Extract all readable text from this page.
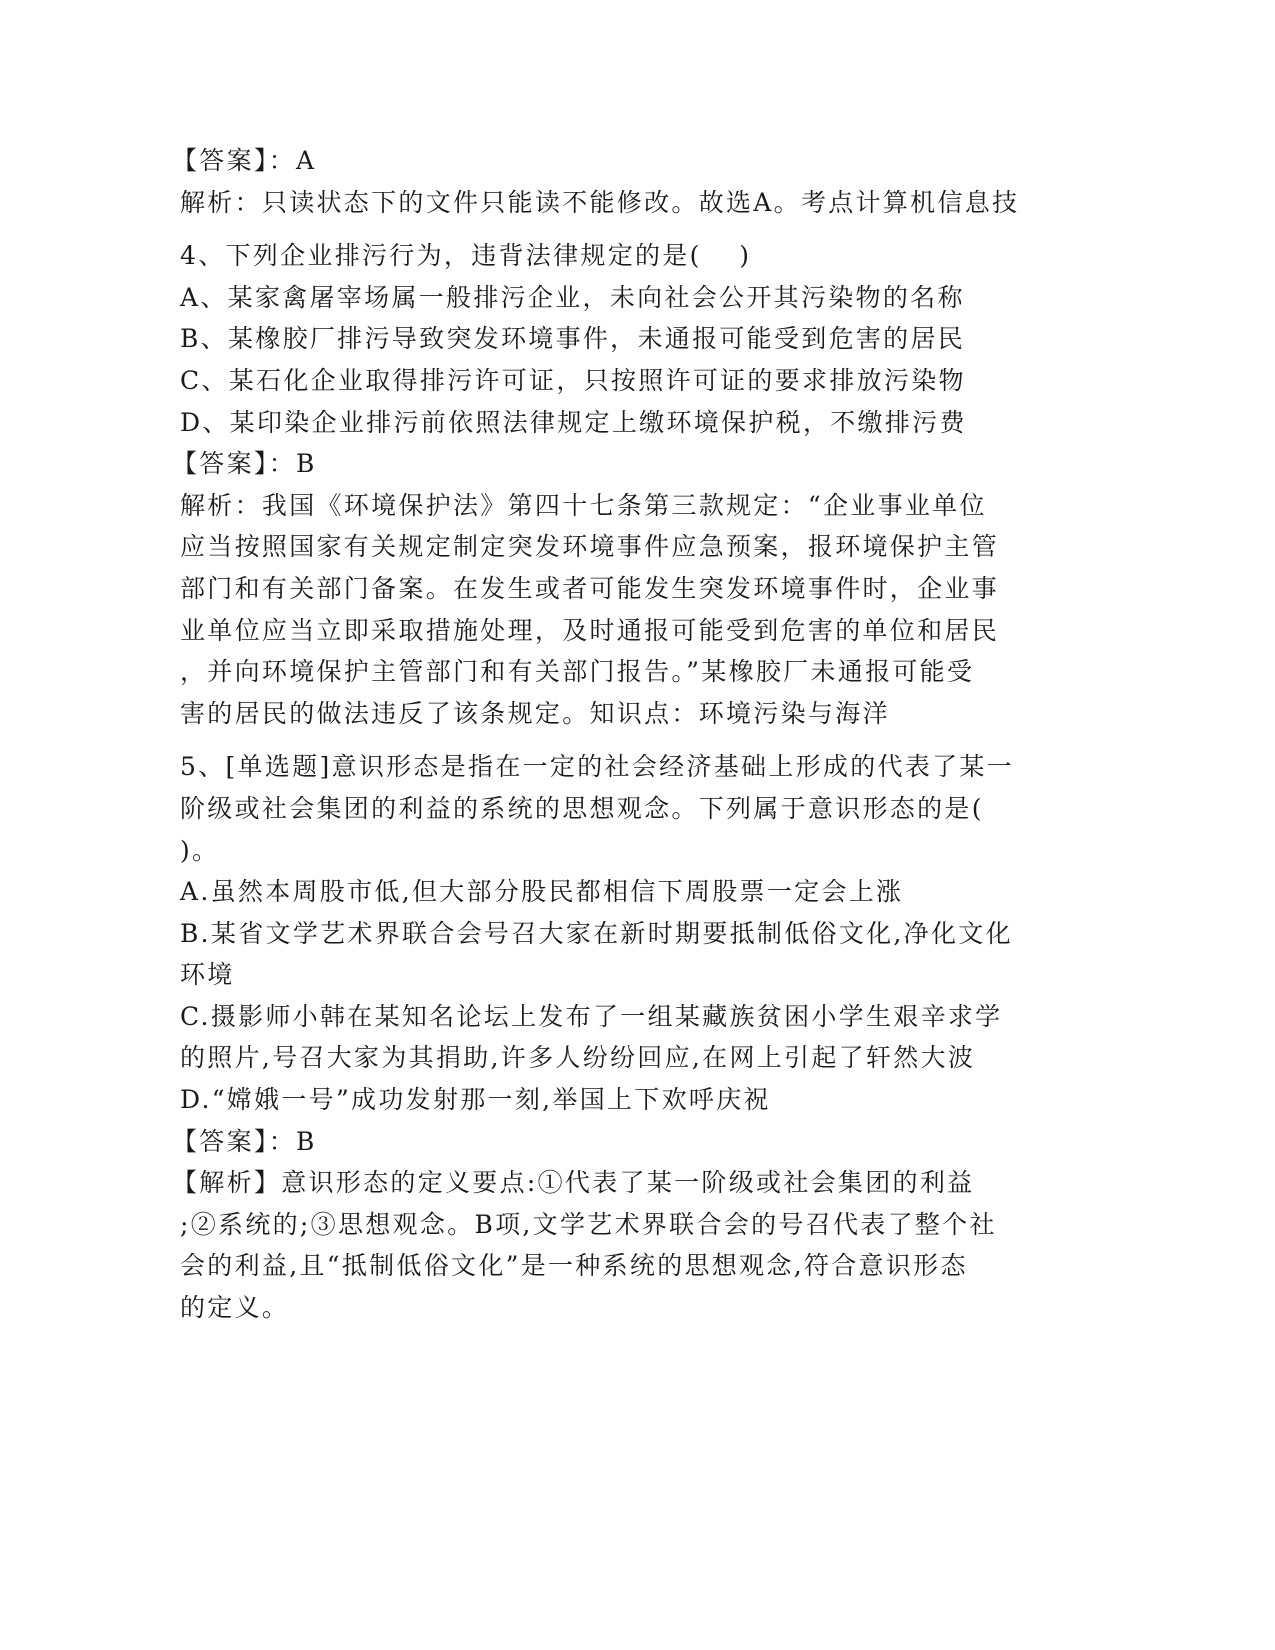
【答案】：A
解析：只读状态下的文件只能读不能修改。故选A。考点计算机信息技
4、下列企业排污行为，违背法律规定的是(　 )
A、某家禽屠宰场属一般排污企业，未向社会公开其污染物的名称
B、某橡胶厂排污导致突发环境事件，未通报可能受到危害的居民
C、某石化企业取得排污许可证，只按照许可证的要求排放污染物
D、某印染企业排污前依照法律规定上缴环境保护税，不缴排污费
【答案】：B
解析：我国《环境保护法》第四十七条第三款规定：“企业事业单位
应当按照国家有关规定制定突发环境事件应急预案，报环境保护主管
部门和有关部门备案。在发生或者可能发生突发环境事件时，企业事
业单位应当立即采取措施处理，及时通报可能受到危害的单位和居民
，并向环境保护主管部门和有关部门报告。”某橡胶厂未通报可能受
害的居民的做法违反了该条规定。知识点：环境污染与海洋
5、[单选题]意识形态是指在一定的社会经济基础上形成的代表了某一
阶级或社会集团的利益的系统的思想观念。下列属于意识形态的是(
)。
A.虽然本周股市低,但大部分股民都相信下周股票一定会上涨
B.某省文学艺术界联合会号召大家在新时期要抵制低俗文化,净化文化
环境
C.摄影师小韩在某知名论坛上发布了一组某藏族贫困小学生艰辛求学
的照片,号召大家为其捐助,许多人纷纷回应,在网上引起了轩然大波
D.“嫦娥一号”成功发射那一刻,举国上下欢呼庆祝
【答案】：B
【解析】意识形态的定义要点:①代表了某一阶级或社会集团的利益
;②系统的;③思想观念。B项,文学艺术界联合会的号召代表了整个社
会的利益,且“抵制低俗文化”是一种系统的思想观念,符合意识形态
的定义。
